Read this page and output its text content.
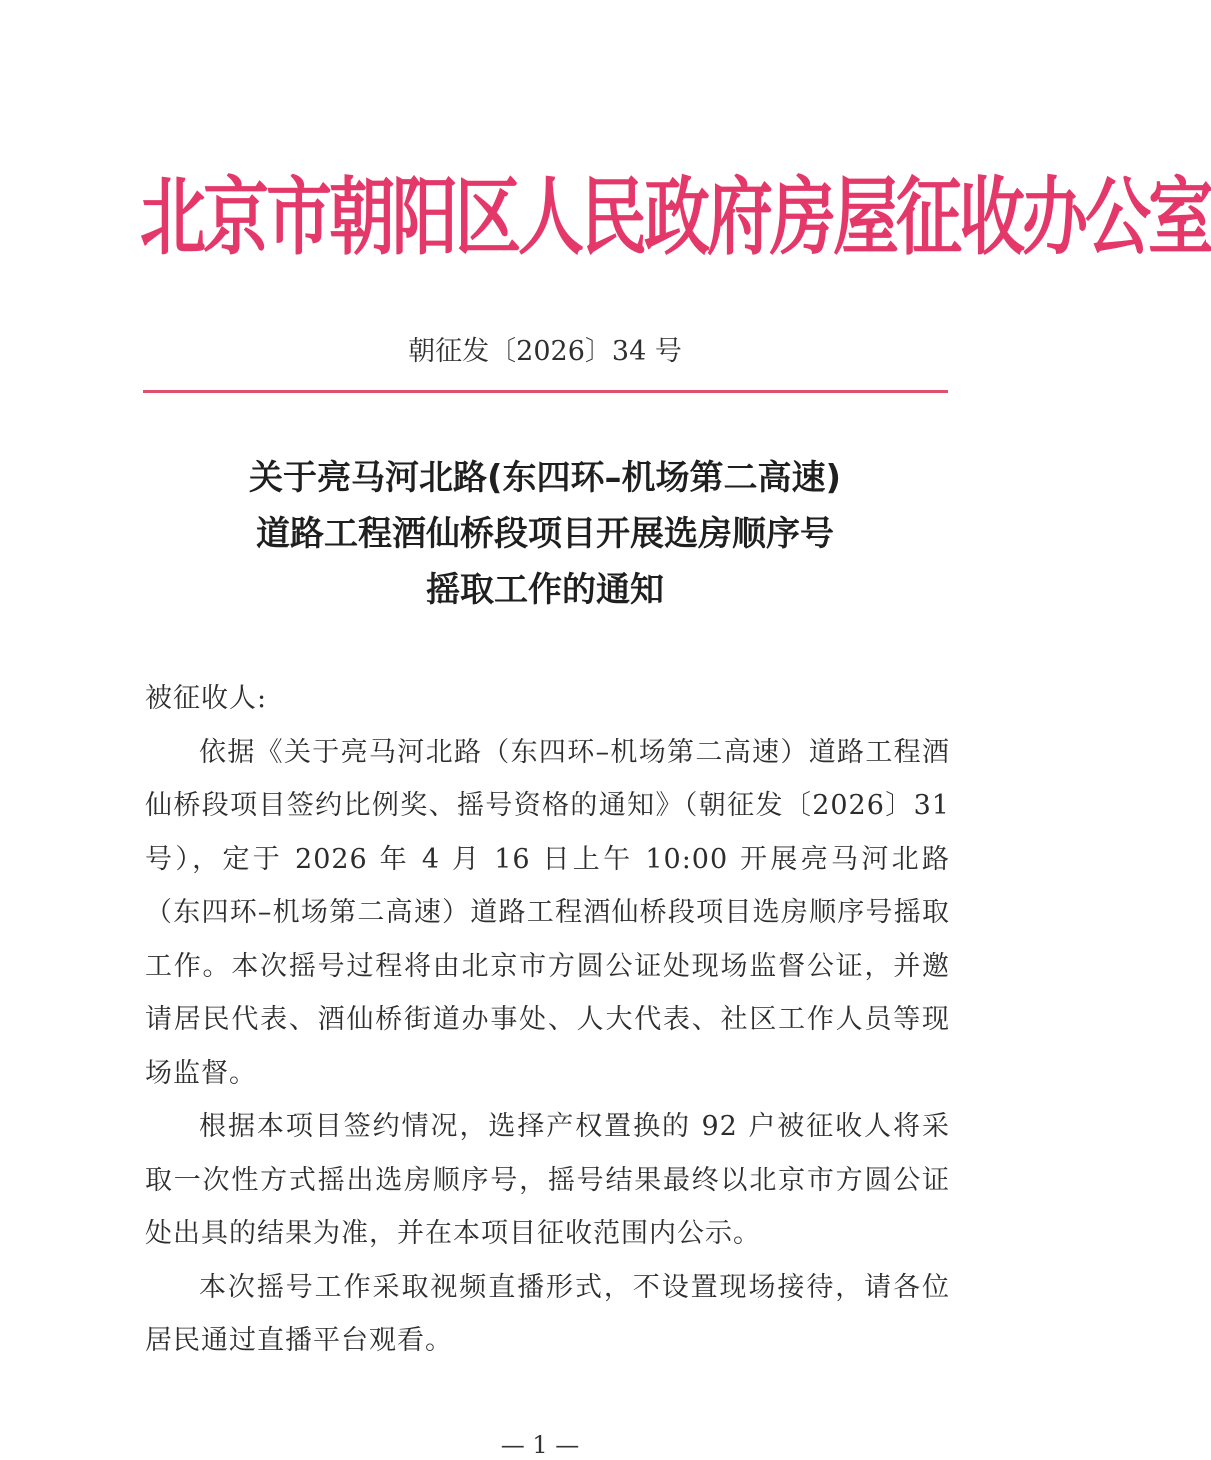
北京市朝阳区人民政府房屋征收办公室
朝征发〔2026〕34 号
关于亮马河北路(东四环–机场第二高速)
道路工程酒仙桥段项目开展选房顺序号
摇取工作的通知

被征收人:

依据《关于亮马河北路（东四环–机场第二高速）道路工程酒仙桥段项目签约比例奖、摇号资格的通知》（朝征发〔2026〕31 号），定于 2026 年 4 月 16 日上午 10:00 开展亮马河北路（东四环–机场第二高速）道路工程酒仙桥段项目选房顺序号摇取工作。本次摇号过程将由北京市方圆公证处现场监督公证，并邀请居民代表、酒仙桥街道办事处、人大代表、社区工作人员等现场监督。

根据本项目签约情况，选择产权置换的 92 户被征收人将采取一次性方式摇出选房顺序号，摇号结果最终以北京市方圆公证处出具的结果为准，并在本项目征收范围内公示。

本次摇号工作采取视频直播形式，不设置现场接待，请各位居民通过直播平台观看。

— 1 —
